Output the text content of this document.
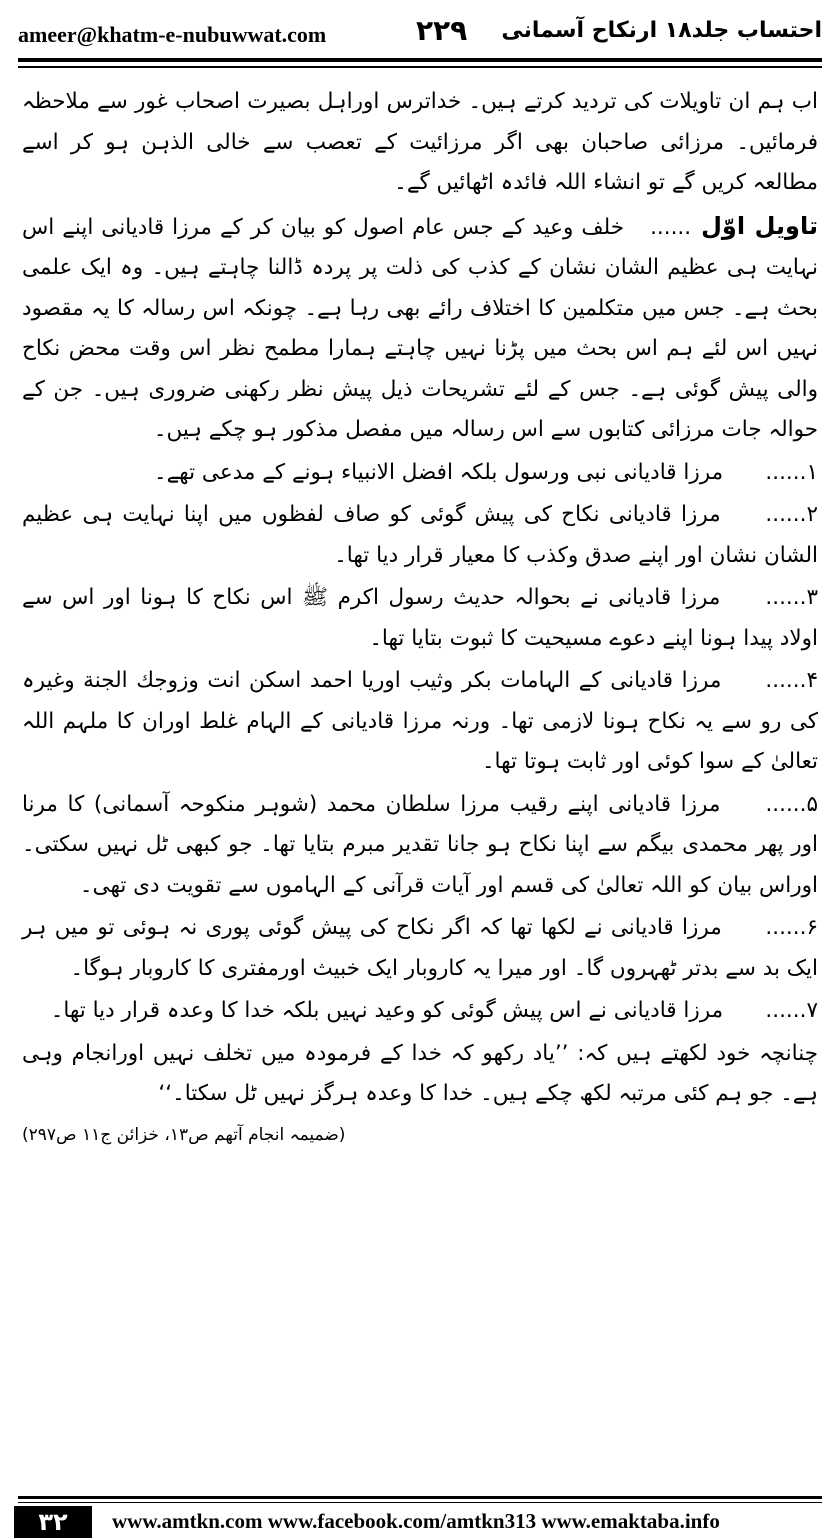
ameer@khatm-e-nubuwwat.com	۲۲۹ احتساب جلد۱۸ ارنکاح آسمانی

اب ہم ان تاویلات کی تردید کرتے ہیں۔ خداترس اوراہل بصیرت اصحاب غور سے ملاحظہ فرمائیں۔ مرزائی صاحبان بھی اگر مرزائیت کے تعصب سے خالی الذہن ہو کر اسے مطالعہ کریں گے تو انشاء اللہ فائدہ اٹھائیں گے۔

تاویل اوّل......خلف وعید کے جس عام اصول کو بیان کر کے مرزا قادیانی اپنے اس نہایت ہی عظیم الشان نشان کے کذب کی ذلت پر پردہ ڈالنا چاہتے ہیں۔ وہ ایک علمی بحث ہے۔ جس میں متکلمین کا اختلاف رائے بھی رہا ہے۔ چونکہ اس رسالہ کا یہ مقصود نہیں اس لئے ہم اس بحث میں پڑنا نہیں چاہتے ہمارا مطمح نظر اس وقت محض نکاح والی پیش گوئی ہے۔ جس کے لئے تشریحات ذیل پیش نظر رکھنی ضروری ہیں۔ جن کے حوالہ جات مرزائی کتابوں سے اس رسالہ میں مفصل مذکور ہو چکے ہیں۔

۱...... مرزا قادیانی نبی ورسول بلکہ افضل الانبیاء ہونے کے مدعی تھے۔

۲...... مرزا قادیانی نکاح کی پیش گوئی کو صاف لفظوں میں اپنا نہایت ہی عظیم الشان نشان اور اپنے صدق وکذب کا معیار قرار دیا تھا۔

۳...... مرزا قادیانی نے بحوالہ حدیث رسول اکرم ﷺ اس نکاح کا ہونا اور اس سے اولاد پیدا ہونا اپنے دعوے مسیحیت کا ثبوت بتایا تھا۔

۴...... مرزا قادیانی کے الہامات بکر وثیب اوریا احمد اسکن انت وزوجك الجنة وغیرہ کی رو سے یہ نکاح ہونا لازمی تھا۔ ورنہ مرزا قادیانی کے الہام غلط اوران کا ملہم اللہ تعالیٰ کے سوا کوئی اور ثابت ہوتا تھا۔

۵...... مرزا قادیانی اپنے رقیب مرزا سلطان محمد (شوہر منکوحہ آسمانی) کا مرنا اور پھر محمدی بیگم سے اپنا نکاح ہو جانا تقدیر مبرم بتایا تھا۔ جو کبھی ٹل نہیں سکتی۔ اوراس بیان کو اللہ تعالیٰ کی قسم اور آیات قرآنی کے الہاموں سے تقویت دی تھی۔

۶...... مرزا قادیانی نے لکھا تھا کہ اگر نکاح کی پیش گوئی پوری نہ ہوئی تو میں ہر ایک بد سے بدتر ٹھہروں گا۔ اور میرا یہ کاروبار ایک خبیث اورمفتری کا کاروبار ہوگا۔

۷...... مرزا قادیانی نے اس پیش گوئی کو وعید نہیں بلکہ خدا کا وعدہ قرار دیا تھا۔

چنانچہ خود لکھتے ہیں کہ: ’’یاد رکھو کہ خدا کے فرمودہ میں تخلف نہیں اورانجام وہی ہے۔ جو ہم کئی مرتبہ لکھ چکے ہیں۔ خدا کا وعدہ ہرگز نہیں ٹل سکتا۔‘‘
(ضمیمہ انجام آتھم ص۱۳، خزائن ج۱۱ ص۲۹۷)

۳۲	www.amtkn.com www.facebook.com/amtkn313 www.emaktaba.info
